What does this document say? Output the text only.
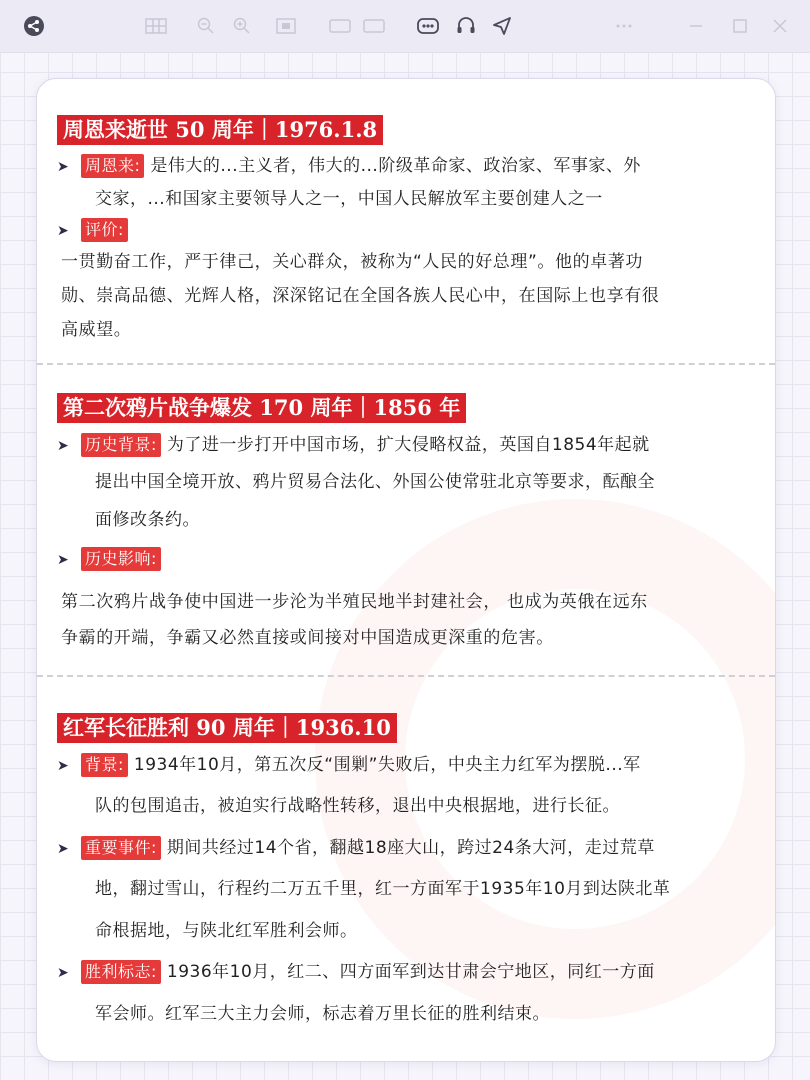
周恩来逝世 50 周年｜1976.1.8
➤ 周恩来: 是伟大的...主义者，伟大的...阶级革命家、政治家、军事家、外
交家，...和国家主要领导人之一，中国人民解放军主要创建人之一
➤ 评价:
一贯勤奋工作，严于律己，关心群众，被称为“人民的好总理”。他的卓著功
勋、崇高品德、光辉人格，深深铭记在全国各族人民心中，在国际上也享有很
高威望。
第二次鸦片战争爆发 170 周年｜1856 年
➤ 历史背景: 为了进一步打开中国市场，扩大侵略权益，英国自1854年起就
提出中国全境开放、鸦片贸易合法化、外国公使常驻北京等要求，酝酿全
面修改条约。
➤ 历史影响:
第二次鸦片战争使中国进一步沦为半殖民地半封建社会， 也成为英俄在远东
争霸的开端，争霸又必然直接或间接对中国造成更深重的危害。
红军长征胜利 90 周年｜1936.10
➤ 背景: 1934年10月，第五次反“围剿”失败后，中央主力红军为摆脱...军
队的包围追击，被迫实行战略性转移，退出中央根据地，进行长征。
➤ 重要事件: 期间共经过14个省，翻越18座大山，跨过24条大河，走过荒草
地，翻过雪山，行程约二万五千里，红一方面军于1935年10月到达陕北革
命根据地，与陕北红军胜利会师。
➤ 胜利标志: 1936年10月，红二、四方面军到达甘肃会宁地区，同红一方面
军会师。红军三大主力会师，标志着万里长征的胜利结束。
